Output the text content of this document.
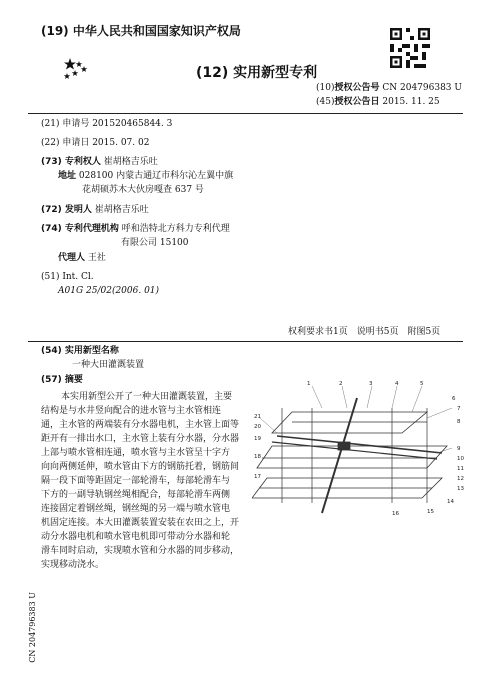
(19) 中华人民共和国国家知识产权局
(12) 实用新型专利
(10)授权公告号 CN 204796383 U
(45)授权公告日 2015. 11. 25
(21) 申请号 201520465844. 3
(22) 申请日 2015. 07. 02
(73) 专利权人 崔胡格吉乐吐
地址 028100 内蒙古通辽市科尔沁左翼中旗
花胡硕苏木大伙房嘎查 637 号
(72) 发明人 崔胡格吉乐吐
(74) 专利代理机构 呼和浩特北方科力专利代理
有限公司 15100
代理人 王社
(51) Int. Cl.
A01G 25/02(2006. 01)
权利要求书1页　说明书5页　附图5页
(54) 实用新型名称
一种大田灌溉装置
(57) 摘要

本实用新型公开了一种大田灌溉装置，主要

结构是与水井竖向配合的进水管与主水管相连

通，主水管的两端装有分水器电机，主水管上面等

距开有一排出水口，主水管上装有分水器，分水器

上部与喷水管相连通，喷水管与主水管呈十字方

向向两侧延伸，喷水管由下方的钢筋托着，钢筋间

隔一段下面等距固定一部轮滑车，每部轮滑车与

下方的一副导轨钢丝绳相配合，每部轮滑车两侧

连接固定着钢丝绳，钢丝绳的另一端与喷水管电

机固定连接。本大田灌溉装置安装在农田之上，开

动分水器电机和喷水管电机即可带动分水器和轮

滑车同时启动，实现喷水管和分水器的同步移动，

实现移动浇水。

1	2	3	4	5
6
7
8
9
10
11
12
13
14
15
16
17
18
19
20
21
CN 204796383 U
